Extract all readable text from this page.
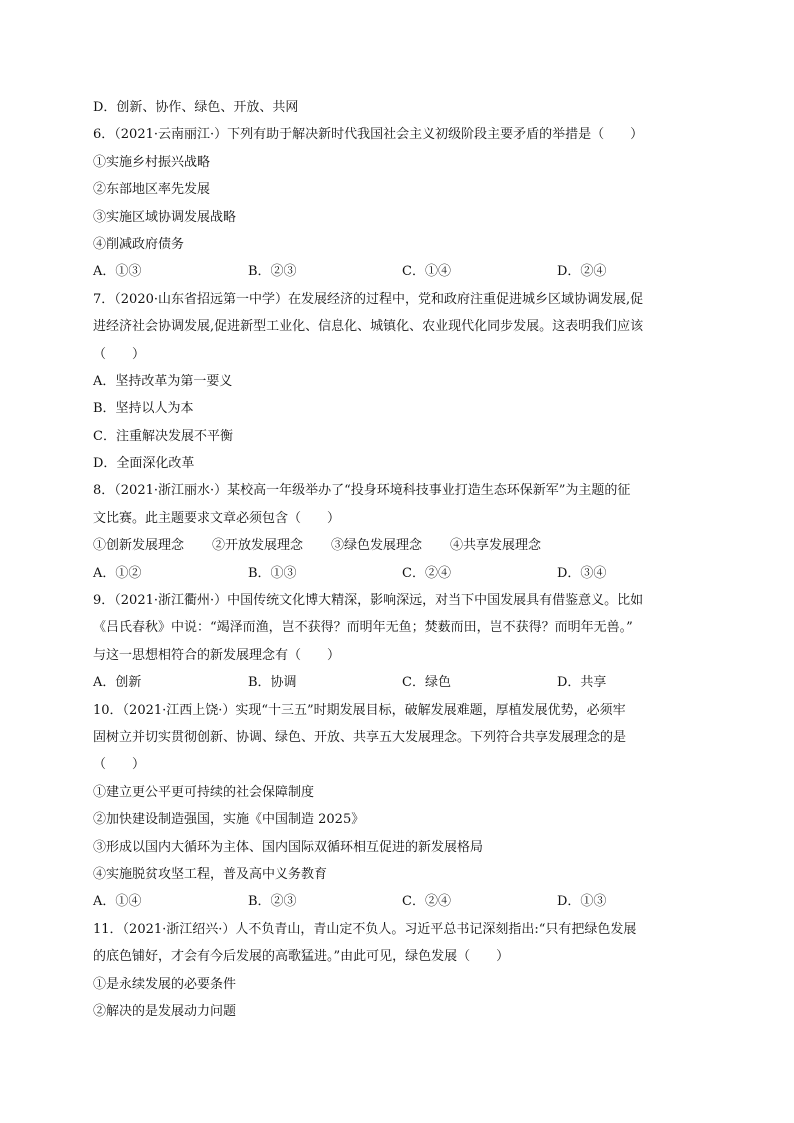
D．创新、协作、绿色、开放、共网
6．（2021·云南丽江·）下列有助于解决新时代我国社会主义初级阶段主要矛盾的举措是（　　）
①实施乡村振兴战略
②东部地区率先发展
③实施区域协调发展战略
④削减政府债务
A．①③	B．②③	C．①④	D．②④
7．（2020·山东省招远第一中学）在发展经济的过程中，党和政府注重促进城乡区域协调发展,促
进经济社会协调发展,促进新型工业化、信息化、城镇化、农业现代化同步发展。这表明我们应该
（　　）
A．坚持改革为第一要义
B．坚持以人为本
C．注重解决发展不平衡
D．全面深化改革
8．（2021·浙江丽水·）某校高一年级举办了“投身环境科技事业打造生态环保新军”为主题的征
文比赛。此主题要求文章必须包含（　　）
①创新发展理念 ②开放发展理念 ③绿色发展理念 ④共享发展理念
A．①②	B．①③	C．②④	D．③④
9．（2021·浙江衢州·）中国传统文化博大精深，影响深远，对当下中国发展具有借鉴意义。比如
《吕氏春秋》中说：“竭泽而渔，岂不获得？而明年无鱼；焚薮而田，岂不获得？而明年无兽。”
与这一思想相符合的新发展理念有（　　）
A．创新	B．协调	C．绿色	D．共享
10．（2021·江西上饶·）实现“十三五”时期发展目标，破解发展难题，厚植发展优势，必须牢
固树立并切实贯彻创新、协调、绿色、开放、共享五大发展理念。下列符合共享发展理念的是
（　　）
①建立更公平更可持续的社会保障制度
②加快建设制造强国，实施《中国制造 2025》
③形成以国内大循环为主体、国内国际双循环相互促进的新发展格局
④实施脱贫攻坚工程，普及高中义务教育
A．①④	B．②③	C．②④	D．①③
11．（2021·浙江绍兴·）人不负青山，青山定不负人。习近平总书记深刻指出:“只有把绿色发展
的底色铺好，才会有今后发展的高歌猛进。”由此可见，绿色发展（　　）
①是永续发展的必要条件
②解决的是发展动力问题
